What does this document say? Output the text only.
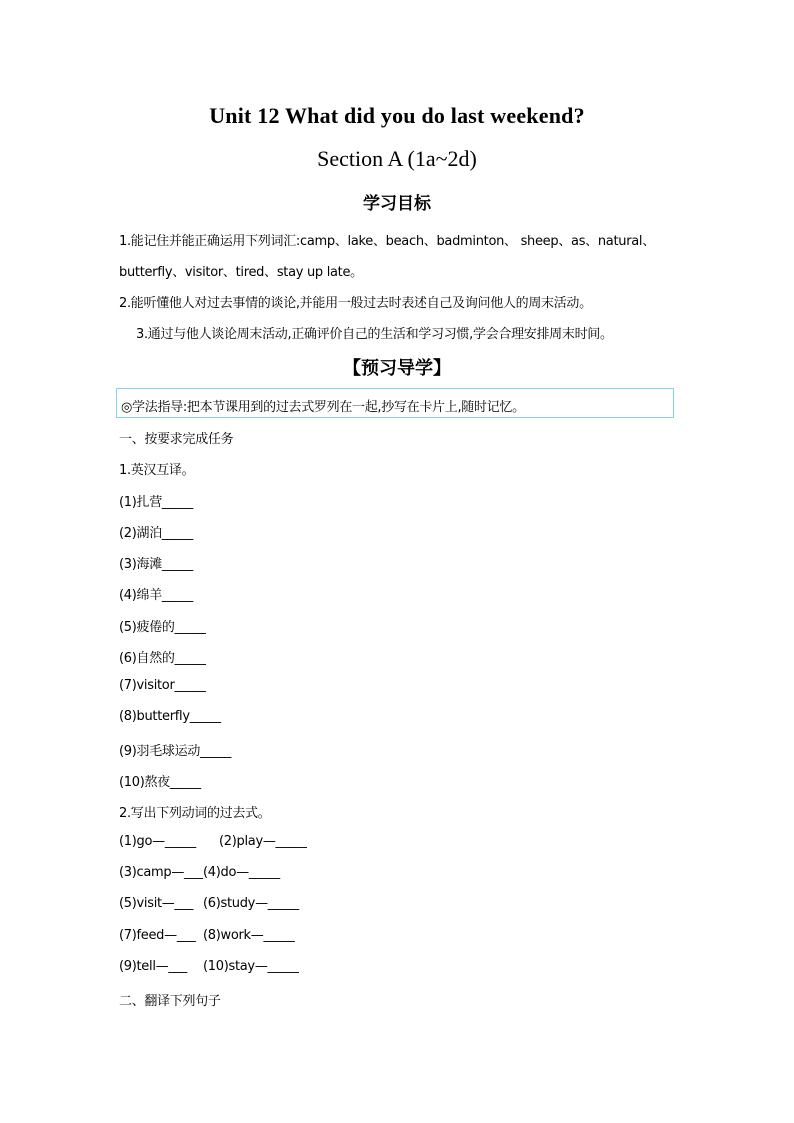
Unit 12 What did you do last weekend?
Section A (1a~2d)
学习目标
1.能记住并能正确运用下列词汇:camp、lake、beach、badminton、 sheep、as、natural、
butterfly、visitor、tired、stay up late。
2.能听懂他人对过去事情的谈论,并能用一般过去时表述自己及询问他人的周末活动。
3.通过与他人谈论周末活动,正确评价自己的生活和学习习惯,学会合理安排周末时间。
【预习导学】
◎学法指导:把本节课用到的过去式罗列在一起,抄写在卡片上,随时记忆。
一、按要求完成任务
1.英汉互译。
(1)扎营_____
(2)湖泊_____
(3)海滩_____
(4)绵羊_____
(5)疲倦的_____
(6)自然的_____
(7)visitor_____
(8)butterfly_____
(9)羽毛球运动_____
(10)熬夜_____
2.写出下列动词的过去式。
(1)go—_____ (2)play—_____
(3)camp—___(4)do—_____
(5)visit—___ (6)study—_____
(7)feed—___ (8)work—_____
(9)tell—___ (10)stay—_____
二、翻译下列句子
